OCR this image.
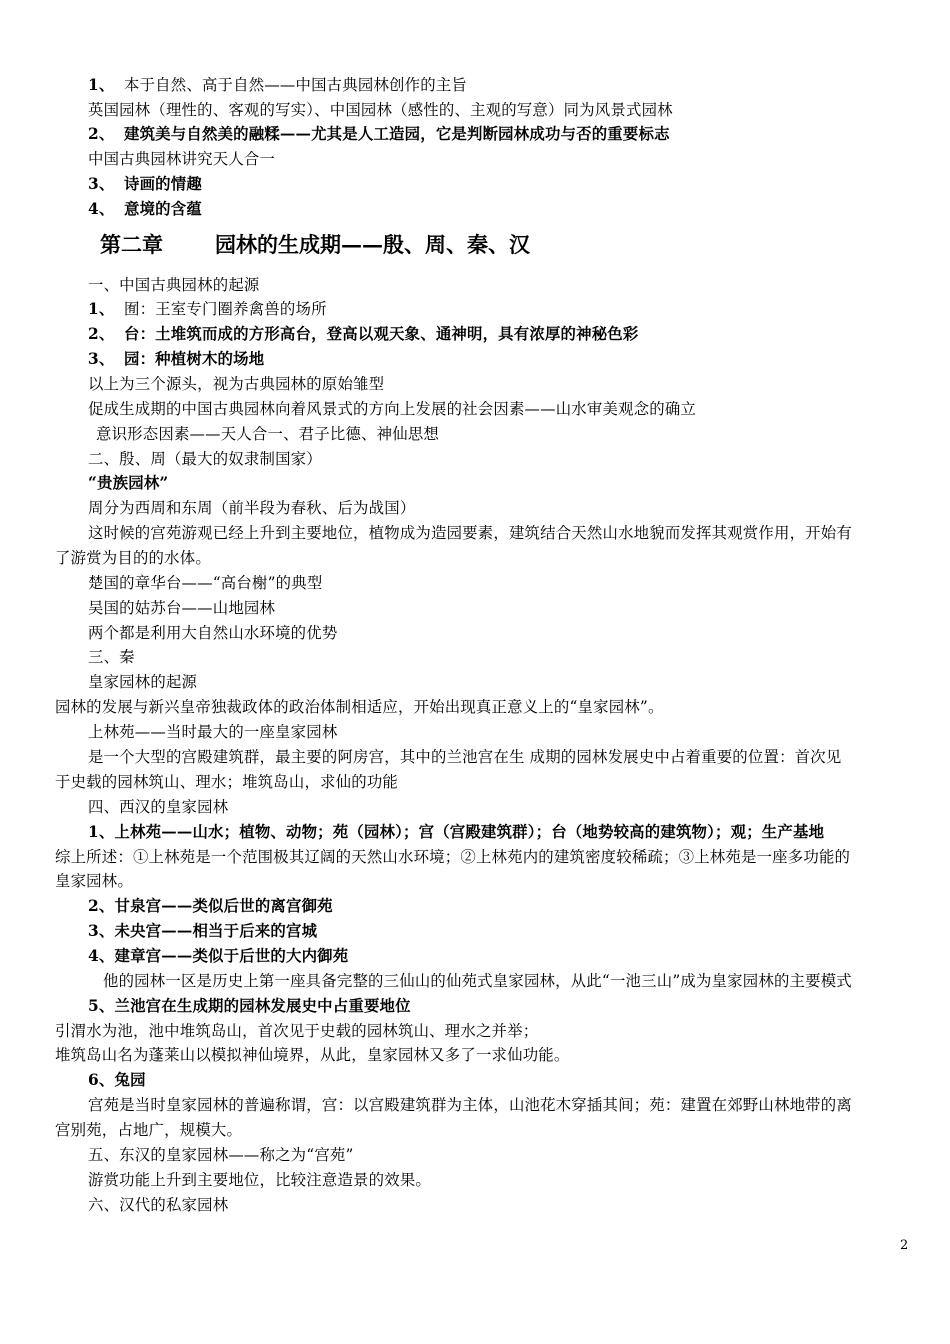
1、 本于自然、高于自然——中国古典园林创作的主旨
英国园林（理性的、客观的写实）、中国园林（感性的、主观的写意）同为风景式园林
2、 建筑美与自然美的融糅——尤其是人工造园，它是判断园林成功与否的重要标志
中国古典园林讲究天人合一
3、 诗画的情趣
4、 意境的含蕴
第二章 园林的生成期——殷、周、秦、汉
一、中国古典园林的起源
1、 囿：王室专门圈养禽兽的场所
2、 台：土堆筑而成的方形高台，登高以观天象、通神明，具有浓厚的神秘色彩
3、 园：种植树木的场地
以上为三个源头，视为古典园林的原始雏型
促成生成期的中国古典园林向着风景式的方向上发展的社会因素——山水审美观念的确立
意识形态因素——天人合一、君子比德、神仙思想
二、殷、周（最大的奴隶制国家）
“贵族园林”
周分为西周和东周（前半段为春秋、后为战国）
这时候的宫苑游观已经上升到主要地位，植物成为造园要素，建筑结合天然山水地貌而发挥其观赏作用，开始有
了游赏为目的的水体。
楚国的章华台——“高台榭”的典型
吴国的姑苏台——山地园林
两个都是利用大自然山水环境的优势
三、秦
皇家园林的起源
园林的发展与新兴皇帝独裁政体的政治体制相适应，开始出现真正意义上的“皇家园林”。
上林苑——当时最大的一座皇家园林
是一个大型的宫殿建筑群，最主要的阿房宫，其中的兰池宫在生 成期的园林发展史中占着重要的位置：首次见
于史载的园林筑山、理水；堆筑岛山，求仙的功能
四、西汉的皇家园林
1、上林苑——山水；植物、动物；苑（园林）；宫（宫殿建筑群）；台（地势较高的建筑物）；观；生产基地
综上所述：①上林苑是一个范围极其辽阔的天然山水环境；②上林苑内的建筑密度较稀疏；③上林苑是一座多功能的
皇家园林。
2、甘泉宫——类似后世的离宫御苑
3、未央宫——相当于后来的宫城
4、建章宫——类似于后世的大内御苑
他的园林一区是历史上第一座具备完整的三仙山的仙苑式皇家园林，从此“一池三山”成为皇家园林的主要模式
5、兰池宫在生成期的园林发展史中占重要地位
引渭水为池，池中堆筑岛山，首次见于史载的园林筑山、理水之并举；
堆筑岛山名为蓬莱山以模拟神仙境界，从此，皇家园林又多了一求仙功能。
6、兔园
宫苑是当时皇家园林的普遍称谓，宫：以宫殿建筑群为主体，山池花木穿插其间；苑：建置在郊野山林地带的离
宫别苑，占地广，规模大。
五、东汉的皇家园林——称之为“宫苑”
游赏功能上升到主要地位，比较注意造景的效果。
六、汉代的私家园林
2
